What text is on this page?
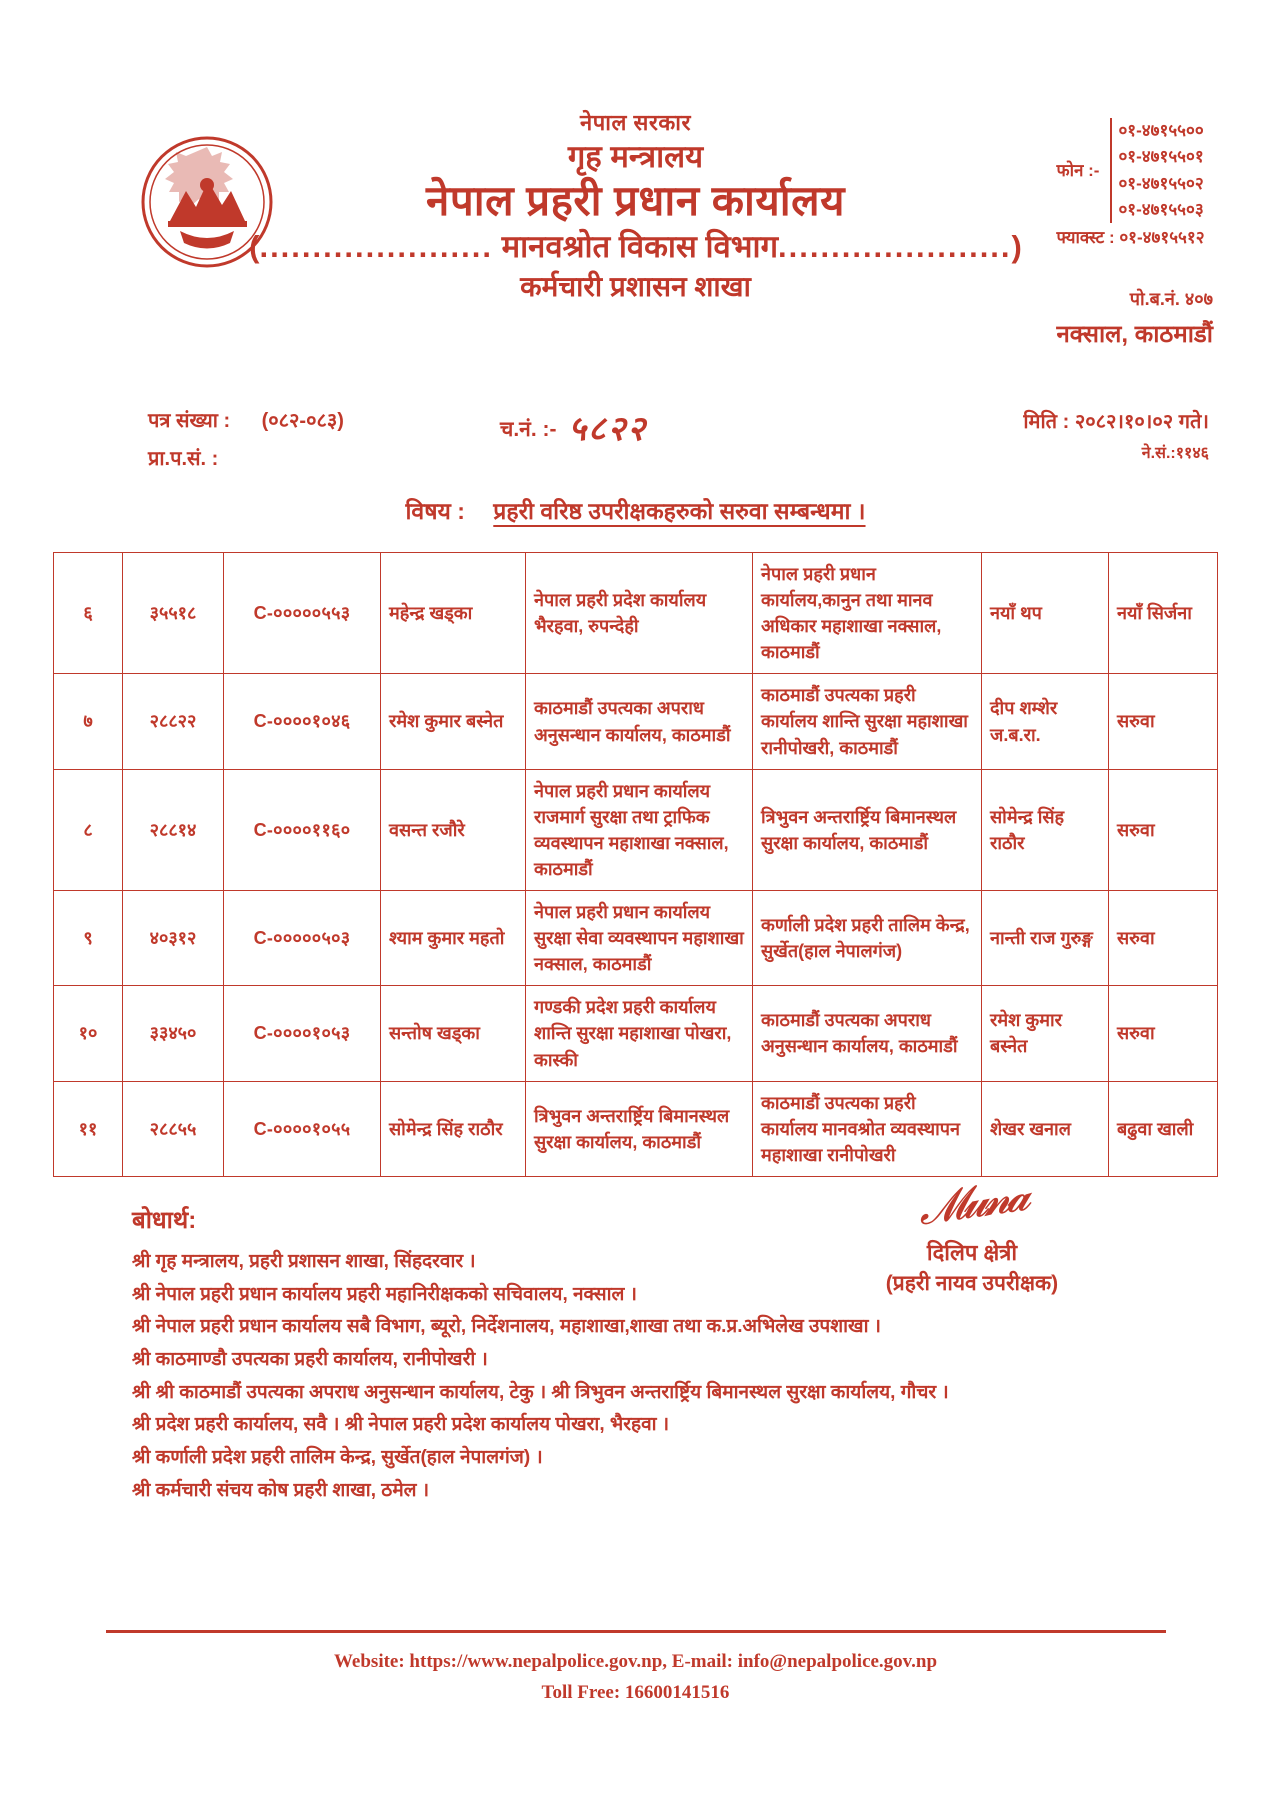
नेपाल सरकार
गृह मन्त्रालय
नेपाल प्रहरी प्रधान कार्यालय
(...................... मानवश्रोत विकास विभाग......................)
कर्मचारी प्रशासन शाखा
फोन :-
०१-४७१५५००
०१-४७१५५०१
०१-४७१५५०२
०१-४७१५५०३
फ्याक्स्ट : ०१-४७१५५१२
पो.ब.नं. ४०७
नक्साल, काठमाडौं
पत्र संख्या : (०८२-०८३)
प्रा.प.सं. :
च.नं. :- ५८२२	मिति : २०८२।१०।०२ गते।
ने.सं.:११४६
विषय : प्रहरी वरिष्ठ उपरीक्षकहरुको सरुवा सम्बन्धमा ।
६	३५५१८	C-०००००५५३	महेन्द्र खड्का	नेपाल प्रहरी प्रदेश कार्यालय भैरहवा, रुपन्देही	नेपाल प्रहरी प्रधान कार्यालय,कानुन तथा मानव अधिकार महाशाखा नक्साल, काठमाडौं	नयाँ थप	नयाँ सिर्जना
७	२८८२२	C-००००१०४६	रमेश कुमार बस्नेत	काठमाडौं उपत्यका अपराध अनुसन्धान कार्यालय, काठमाडौं	काठमाडौं उपत्यका प्रहरी कार्यालय शान्ति सुरक्षा महाशाखा रानीपोखरी, काठमाडौं	दीप शम्शेर ज.ब.रा.	सरुवा
८	२८८१४	C-००००११६०	वसन्त रजौरे	नेपाल प्रहरी प्रधान कार्यालय राजमार्ग सुरक्षा तथा ट्राफिक व्यवस्थापन महाशाखा नक्साल, काठमाडौं	त्रिभुवन अन्तरार्ष्ट्रिय बिमानस्थल सुरक्षा कार्यालय, काठमाडौं	सोमेन्द्र सिंह राठौर	सरुवा
९	४०३१२	C-०००००५०३	श्याम कुमार महतो	नेपाल प्रहरी प्रधान कार्यालय सुरक्षा सेवा व्यवस्थापन महाशाखा नक्साल, काठमाडौं	कर्णाली प्रदेश प्रहरी तालिम केन्द्र, सुर्खेत(हाल नेपालगंज)	नान्ती राज गुरुङ्ग	सरुवा
१०	३३४५०	C-००००१०५३	सन्तोष खड्का	गण्डकी प्रदेश प्रहरी कार्यालय शान्ति सुरक्षा महाशाखा पोखरा, कास्की	काठमाडौं उपत्यका अपराध अनुसन्धान कार्यालय, काठमाडौं	रमेश कुमार बस्नेत	सरुवा
११	२८८५५	C-००००१०५५	सोमेन्द्र सिंह राठौर	त्रिभुवन अन्तरार्ष्ट्रिय बिमानस्थल सुरक्षा कार्यालय, काठमाडौं	काठमाडौं उपत्यका प्रहरी कार्यालय मानवश्रोत व्यवस्थापन महाशाखा रानीपोखरी	शेखर खनाल	बढुवा खाली
बोधार्थ:
श्री गृह मन्त्रालय, प्रहरी प्रशासन शाखा, सिंहदरवार ।
श्री नेपाल प्रहरी प्रधान कार्यालय प्रहरी महानिरीक्षकको सचिवालय, नक्साल ।
श्री नेपाल प्रहरी प्रधान कार्यालय सबै विभाग, ब्यूरो, निर्देशनालय, महाशाखा,शाखा तथा क.प्र.अभिलेख उपशाखा ।
श्री काठमाण्डौ उपत्यका प्रहरी कार्यालय, रानीपोखरी ।
श्री श्री काठमाडौं उपत्यका अपराध अनुसन्धान कार्यालय, टेकु । श्री त्रिभुवन अन्तरार्ष्ट्रिय बिमानस्थल सुरक्षा कार्यालय, गौचर ।
श्री प्रदेश प्रहरी कार्यालय, सवै । श्री नेपाल प्रहरी प्रदेश कार्यालय पोखरा, भैरहवा ।
श्री कर्णाली प्रदेश प्रहरी तालिम केन्द्र, सुर्खेत(हाल नेपालगंज) ।
श्री कर्मचारी संचय कोष प्रहरी शाखा, ठमेल ।
𝓜𝓾𝓷𝓪
दिलिप क्षेत्री
(प्रहरी नायव उपरीक्षक)
Website: https://www.nepalpolice.gov.np, E-mail: info@nepalpolice.gov.np
Toll Free: 16600141516
